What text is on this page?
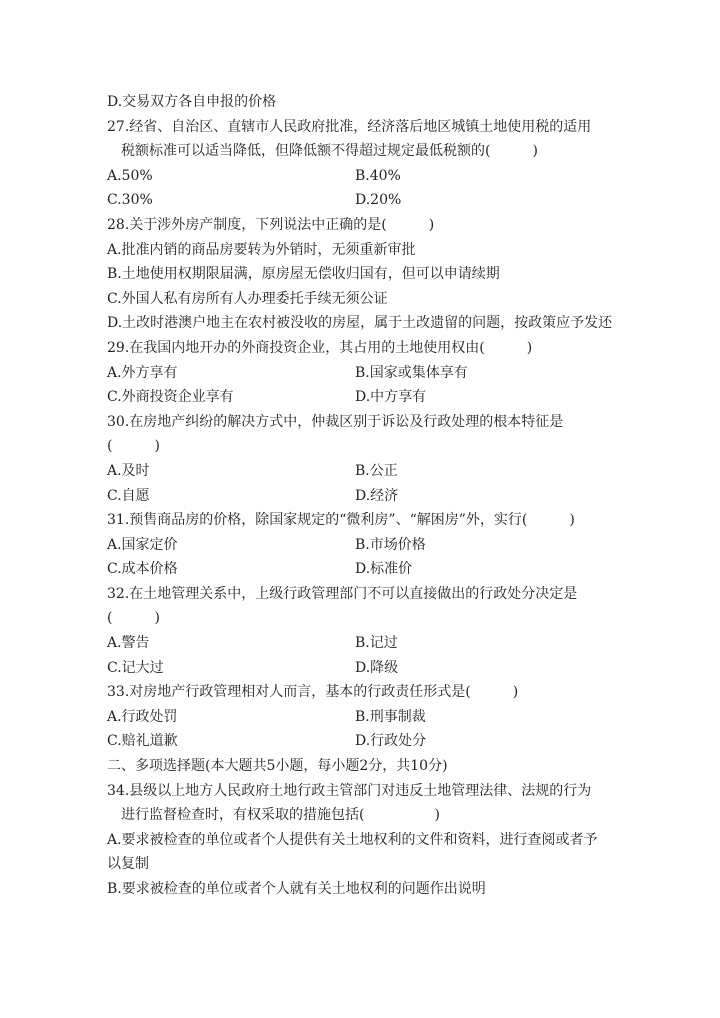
D.交易双方各自申报的价格
27.经省、自治区、直辖市人民政府批准，经济落后地区城镇土地使用税的适用
税额标准可以适当降低，但降低额不得超过规定最低税额的(　　　)
A.50%	B.40%
C.30%	D.20%
28.关于涉外房产制度，下列说法中正确的是(　　　)
A.批准内销的商品房要转为外销时，无须重新审批
B.土地使用权期限届满，原房屋无偿收归国有，但可以申请续期
C.外国人私有房所有人办理委托手续无须公证
D.土改时港澳户地主在农村被没收的房屋，属于土改遗留的问题，按政策应予发还
29.在我国内地开办的外商投资企业，其占用的土地使用权由(　　　)
A.外方享有	B.国家或集体享有
C.外商投资企业享有	D.中方享有
30.在房地产纠纷的解决方式中，仲裁区别于诉讼及行政处理的根本特征是
(　　　)
A.及时	B.公正
C.自愿	D.经济
31.预售商品房的价格，除国家规定的“微利房”、“解困房”外，实行(　　　)
A.国家定价	B.市场价格
C.成本价格	D.标准价
32.在土地管理关系中，上级行政管理部门不可以直接做出的行政处分决定是
(　　　)
A.警告	B.记过
C.记大过	D.降级
33.对房地产行政管理相对人而言，基本的行政责任形式是(　　　)
A.行政处罚	B.刑事制裁
C.赔礼道歉	D.行政处分
二、多项选择题(本大题共5小题，每小题2分，共10分)
34.县级以上地方人民政府土地行政主管部门对违反土地管理法律、法规的行为
进行监督检查时，有权采取的措施包括(　　　　　)
A.要求被检查的单位或者个人提供有关土地权利的文件和资料，进行查阅或者予
以复制
B.要求被检查的单位或者个人就有关土地权利的问题作出说明
